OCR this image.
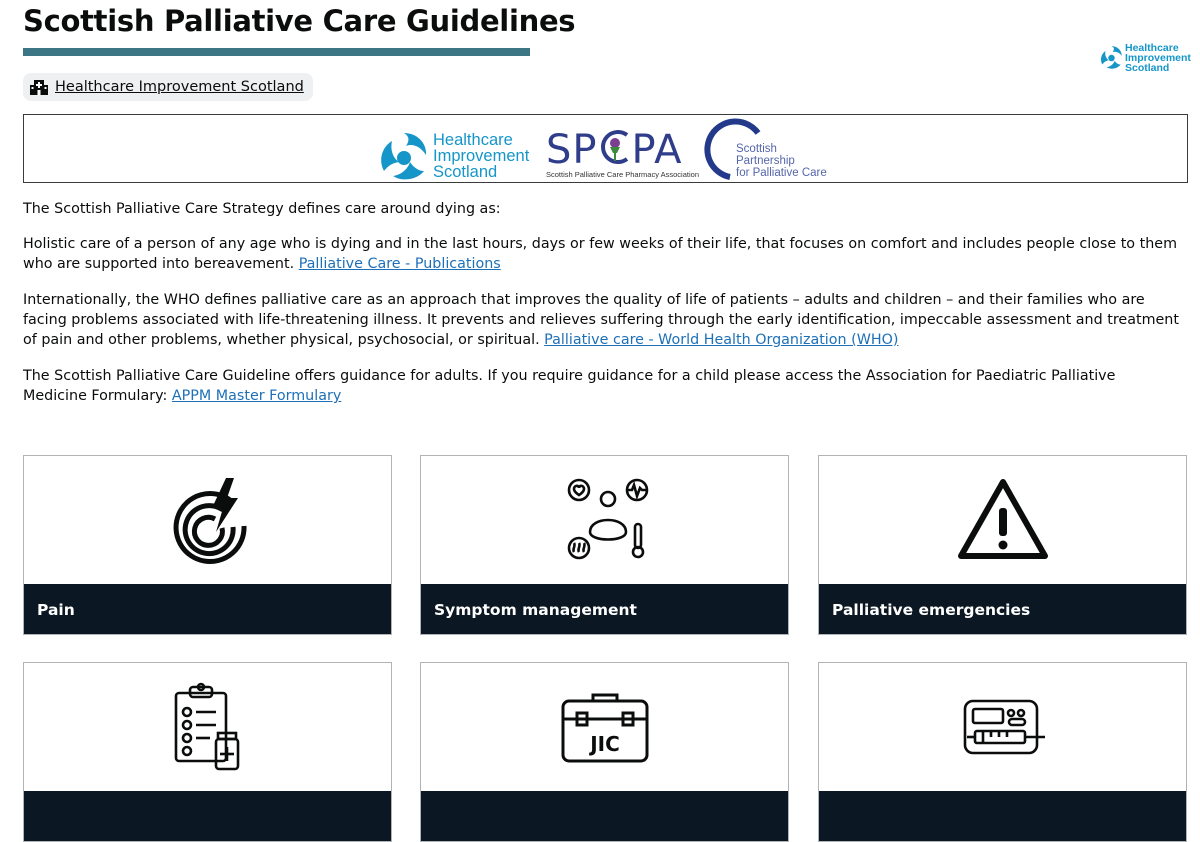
Scottish Palliative Care Guidelines
Healthcare
Improvement
Scotland
Healthcare Improvement Scotland
Healthcare
Improvement
Scotland	SP PA
Scottish Palliative Care Pharmacy Association
Scottish
Partnership
for Palliative Care

The Scottish Palliative Care Strategy defines care around dying as:

Holistic care of a person of any age who is dying and in the last hours, days or few weeks of their life, that focuses on comfort and includes people close to them who are supported into bereavement. Palliative Care - Publications

Internationally, the WHO defines palliative care as an approach that improves the quality of life of patients – adults and children – and their families who are facing problems associated with life-threatening illness. It prevents and relieves suffering through the early identification, impeccable assessment and treatment of pain and other problems, whether physical, psychosocial, or spiritual. Palliative care - World Health Organization (WHO)

The Scottish Palliative Care Guideline offers guidance for adults. If you require guidance for a child please access the Association for Paediatric Palliative Medicine Formulary: APPM Master Formulary

Pain	Symptom management	Palliative emergencies
JIC
